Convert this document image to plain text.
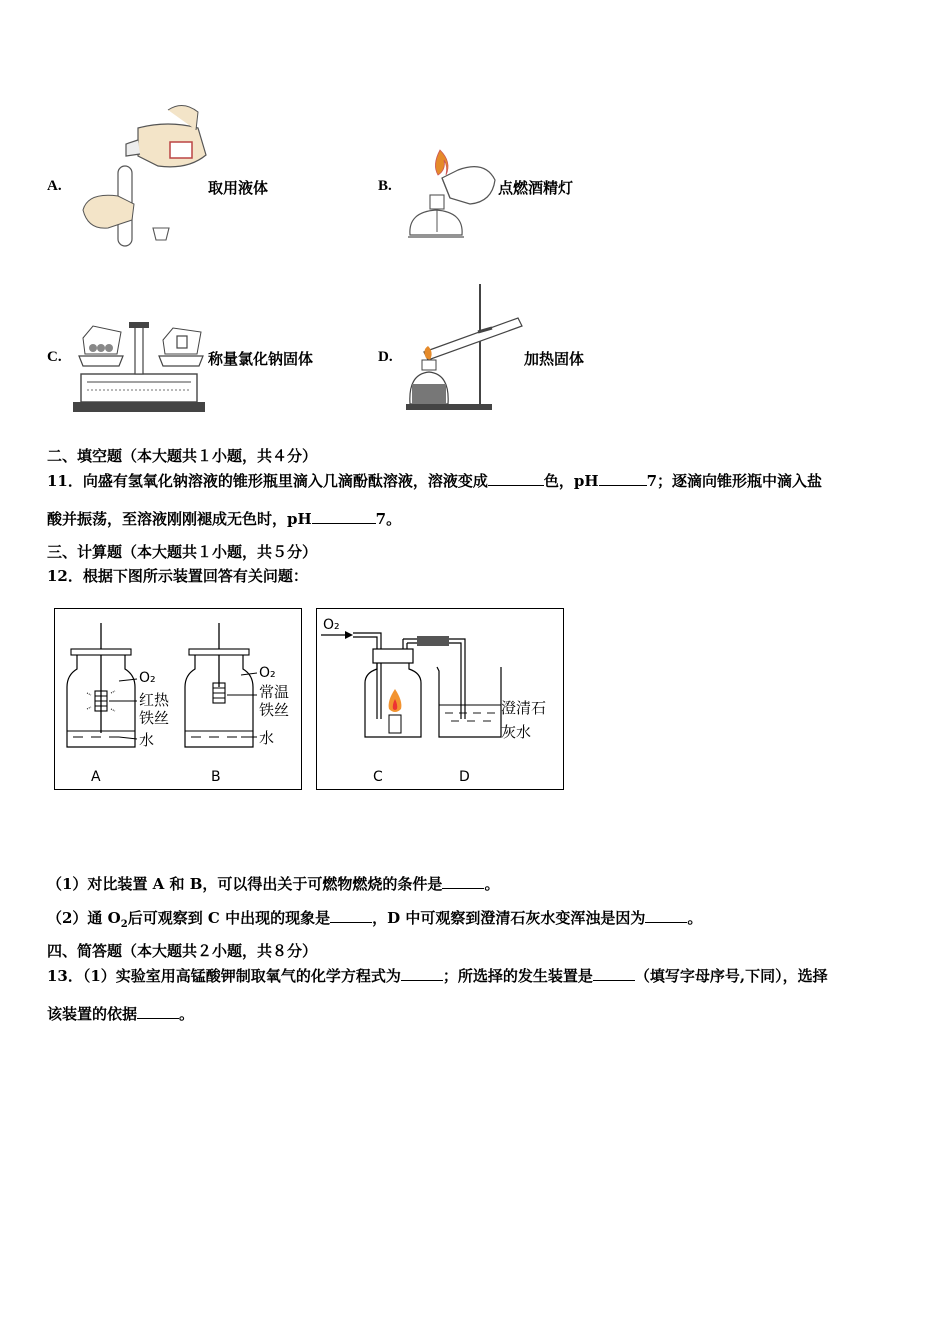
A.	取用液体	B.	点燃酒精灯
C.	称量氯化钠固体	D.	加热固体
二、填空题（本大题共１小题，共４分）
11．向盛有氢氧化钠溶液的锥形瓶里滴入几滴酚酞溶液，溶液变成	色，pH	7；逐滴向锥形瓶中滴入盐
酸并振荡，至溶液刚刚褪成无色时，pH	7。
三、计算题（本大题共１小题，共５分）
12．根据下图所示装置回答有关问题：
O₂
红热
铁丝
水
A
O₂
常温
铁丝
水
B
O₂
澄清石
灰水
C	D
（1）对比装置 A 和 B，可以得出关于可燃物燃烧的条件是	。
（2）通 $O_2$后可观察到 C 中出现的现象是	，D 中可观察到澄清石灰水变浑浊是因为	。
四、简答题（本大题共２小题，共８分）
13．（1）实验室用高锰酸钾制取氧气的化学方程式为	；所选择的发生装置是	（填写字母序号,下同），选择
该装置的依据	。
